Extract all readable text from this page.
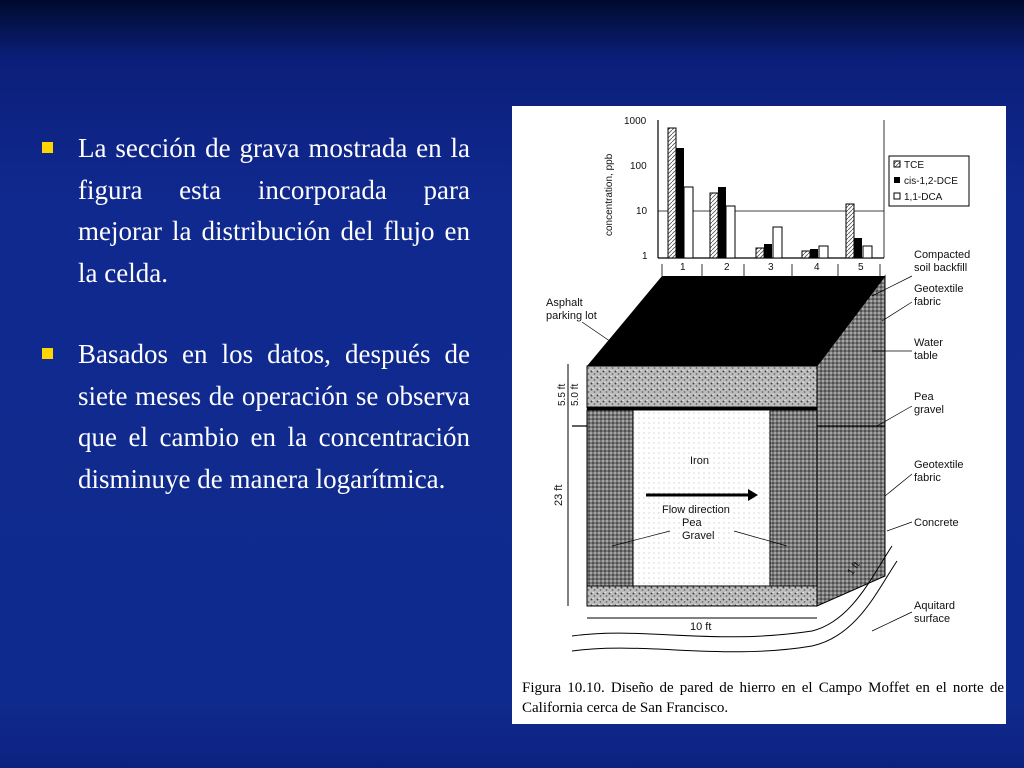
La sección de grava mostrada en la figura esta incorporada para mejorar la distribución del flujo en la celda.
Basados en los datos, después de siete meses de operación se observa que el cambio en la concentración disminuye de manera logarítmica.
concentration, ppb
1000
100
10
1
1	2	3	4	5
TCE
cis-1,2-DCE
1,1-DCA
10 ft
23 ft
5.5 ft 5.0 ft
1 ft
Iron
Flow direction
Pea
Gravel
Asphalt
parking lot
Compacted
soil backfill
Geotextile
fabric
Water
table
Pea
gravel
Geotextile
fabric
Concrete
Aquitard
surface
Figura 10.10. Diseño de pared de hierro en el Campo Moffet en el norte de California cerca de San Francisco.
